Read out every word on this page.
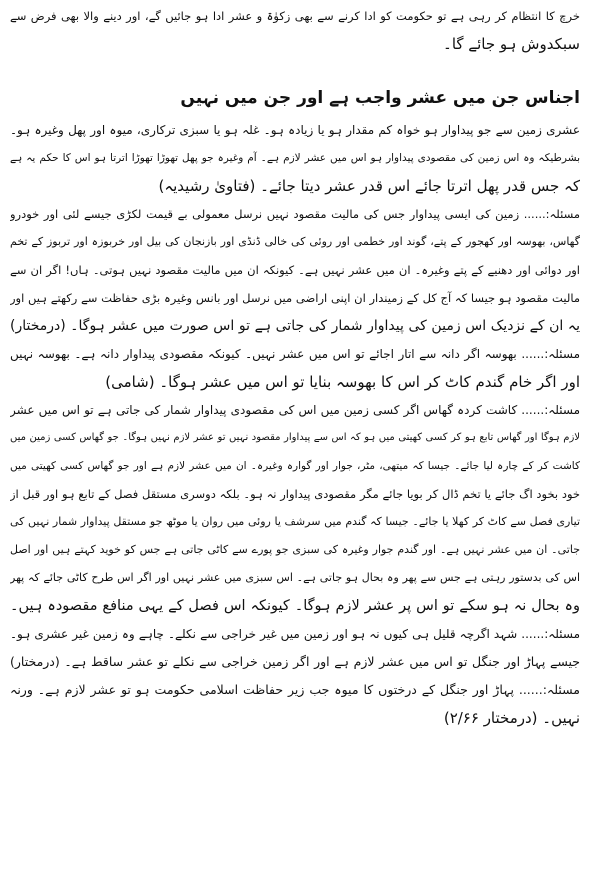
خرچ کا انتظام کر رہی ہے تو حکومت کو ادا کرنے سے بھی زکوٰۃ و عشر ادا ہو جائیں گے، اور دینے والا بھی فرض سے
سبکدوش ہو جائے گا۔
اجناس جن میں عشر واجب ہے اور جن میں نہیں
عشری زمین سے جو پیداوار ہو خواہ کم مقدار ہو یا زیادہ ہو۔ غلہ ہو یا سبزی ترکاری، میوہ اور پھل وغیرہ ہو۔
بشرطیکہ وہ اس زمین کی مقصودی پیداوار ہو اس میں عشر لازم ہے۔ آم وغیرہ جو پھل تھوڑا تھوڑا اترتا ہو اس کا حکم یہ ہے
کہ جس قدر پھل اترتا جائے اس قدر عشر دیتا جائے۔ (فتاویٰ رشیدیہ)
مسئلہ:...... زمین کی ایسی پیداوار جس کی مالیت مقصود نہیں نرسل معمولی بے قیمت لکڑی جیسے لئی اور خودرو
گھاس، بھوسہ اور کھجور کے پتے، گوند اور خطمی اور روئی کی خالی ڈنڈی اور بازنجان کی بیل اور خربوزہ اور تربوز کے تخم
اور دوائی اور دھنیے کے پتے وغیرہ۔ ان میں عشر نہیں ہے۔ کیونکہ ان میں مالیت مقصود نہیں ہوتی۔ ہاں! اگر ان سے
مالیت مقصود ہو جیسا کہ آج کل کے زمیندار ان اپنی اراضی میں نرسل اور بانس وغیرہ بڑی حفاظت سے رکھتے ہیں اور
یہ ان کے نزدیک اس زمین کی پیداوار شمار کی جاتی ہے تو اس صورت میں عشر ہوگا۔ (درمختار)
مسئلہ:...... بھوسہ اگر دانہ سے اتار اجائے تو اس میں عشر نہیں۔ کیونکہ مقصودی پیداوار دانہ ہے۔ بھوسہ نہیں
اور اگر خام گندم کاٹ کر اس کا بھوسہ بنایا تو اس میں عشر ہوگا۔ (شامی)
مسئلہ:...... کاشت کردہ گھاس اگر کسی زمین میں اس کی مقصودی پیداوار شمار کی جاتی ہے تو اس میں عشر
لازم ہوگا اور گھاس تابع ہو کر کسی کھیتی میں ہو کہ اس سے پیداوار مقصود نہیں تو عشر لازم نہیں ہوگا۔ جو گھاس کسی زمین میں
کاشت کر کے چارہ لیا جائے۔ جیسا کہ میتھی، مٹر، جوار اور گوارہ وغیرہ۔ ان میں عشر لازم ہے اور جو گھاس کسی کھیتی میں
خود بخود اگ جائے یا تخم ڈال کر بویا جائے مگر مقصودی پیداوار نہ ہو۔ بلکہ دوسری مستقل فصل کے تابع ہو اور قبل از
تیاری فصل سے کاٹ کر کھلا یا جائے۔ جیسا کہ گندم میں سرشف یا روئی میں روان یا موٹھ جو مستقل پیداوار شمار نہیں کی
جاتی۔ ان میں عشر نہیں ہے۔ اور گندم جوار وغیرہ کی سبزی جو پورے سے کاٹی جاتی ہے جس کو خوید کہتے ہیں اور اصل
اس کی بدستور رہتی ہے جس سے پھر وہ بحال ہو جاتی ہے۔ اس سبزی میں عشر نہیں اور اگر اس طرح کاٹی جائے کہ پھر
وہ بحال نہ ہو سکے تو اس پر عشر لازم ہوگا۔ کیونکہ اس فصل کے یہی منافع مقصودہ ہیں۔
مسئلہ:...... شہد اگرچہ قلیل ہی کیوں نہ ہو اور زمین میں غیر خراجی سے نکلے۔ چاہے وہ زمین غیر عشری ہو۔
جیسے پہاڑ اور جنگل تو اس میں عشر لازم ہے اور اگر زمین خراجی سے نکلے تو عشر ساقط ہے۔ (درمختار)
مسئلہ:...... پہاڑ اور جنگل کے درختوں کا میوہ جب زیر حفاظت اسلامی حکومت ہو تو عشر لازم ہے۔ ورنہ
نہیں۔ (درمختار ۲/۶۶)
